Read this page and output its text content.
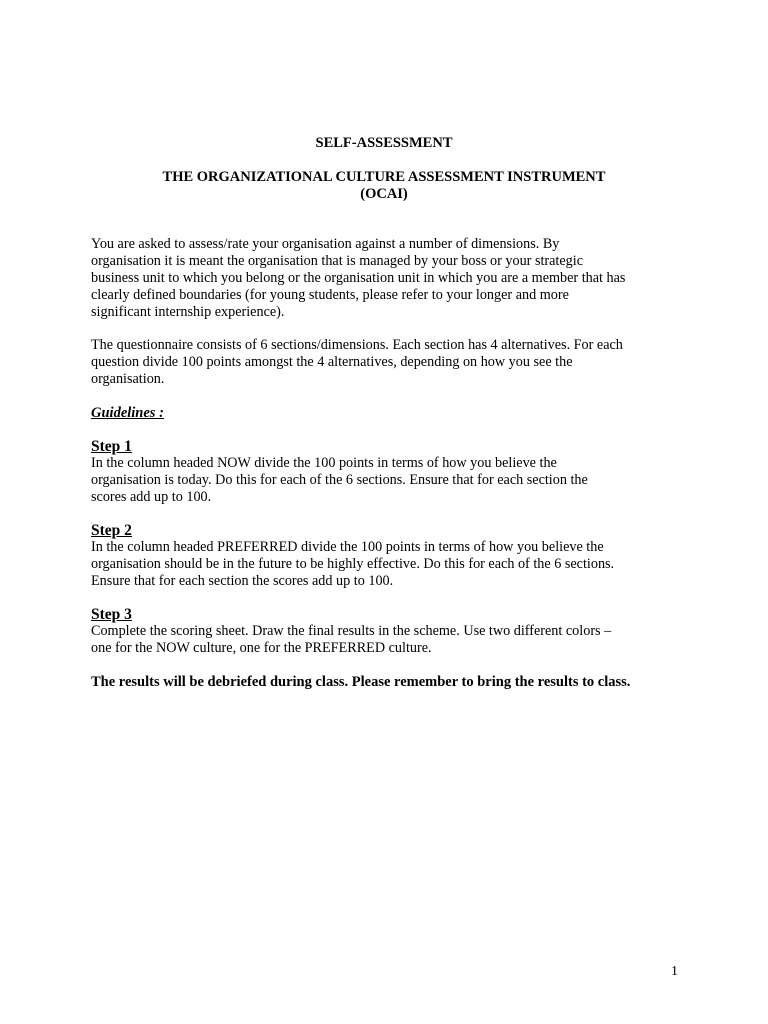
SELF-ASSESSMENT

THE ORGANIZATIONAL CULTURE ASSESSMENT INSTRUMENT

(OCAI)

You are asked to assess/rate your organisation against a number of dimensions. By
organisation it is meant the organisation that is managed by your boss or your strategic
business unit to which you belong or the organisation unit in which you are a member that has
clearly defined boundaries (for young students, please refer to your longer and more
significant internship experience).

The questionnaire consists of 6 sections/dimensions. Each section has 4 alternatives. For each
question divide 100 points amongst the 4 alternatives, depending on how you see the
organisation.

Guidelines :

Step 1

In the column headed NOW divide the 100 points in terms of how you believe the
organisation is today. Do this for each of the 6 sections. Ensure that for each section the
scores add up to 100.

Step 2

In the column headed PREFERRED divide the 100 points in terms of how you believe the
organisation should be in the future to be highly effective. Do this for each of the 6 sections.
Ensure that for each section the scores add up to 100.

Step 3

Complete the scoring sheet. Draw the final results in the scheme. Use two different colors –
one for the NOW culture, one for the PREFERRED culture.

The results will be debriefed during class. Please remember to bring the results to class.

1
